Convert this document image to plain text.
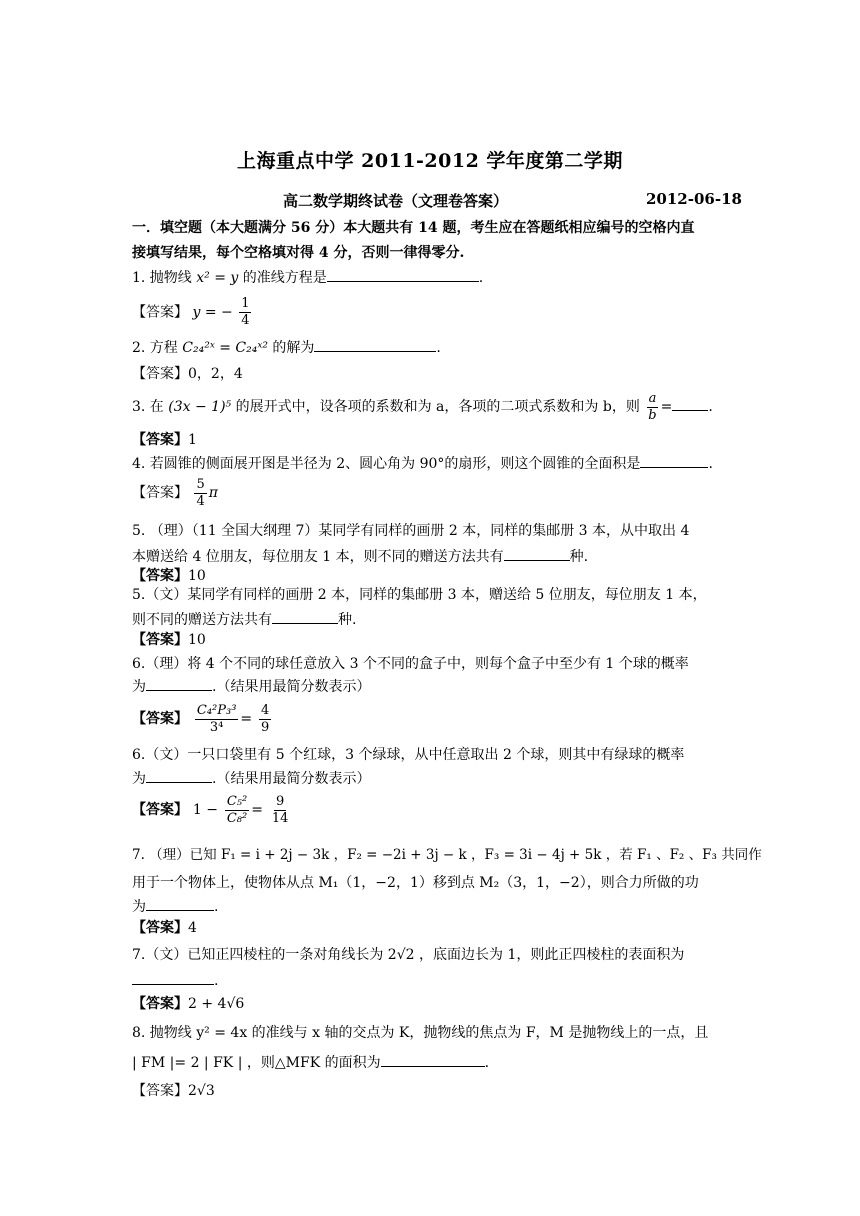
上海重点中学 2011-2012 学年度第二学期
高二数学期终试卷（文理卷答案）	2012-06-18
一．填空题（本大题满分 56 分）本大题共有 14 题，考生应在答题纸相应编号的空格内直
接填写结果，每个空格填对得 4 分，否则一律得零分.
1. 抛物线 x² = y 的准线方程是	.
【答案】 y = − $\frac{1}{4}$
2. 方程 C₂₄²ˣ = C₂₄ˣ² 的解为	.
【答案】0，2，4
3. 在 (3x − 1)⁵ 的展开式中，设各项的系数和为 a，各项的二项式系数和为 b，则 $\frac{a}{b}$ =	.
【答案】1
4. 若圆锥的侧面展开图是半径为 2、圆心角为 90°的扇形，则这个圆锥的全面积是	.
【答案】 $\frac{5}{4}$ π
5. （理）（11 全国大纲理 7）某同学有同样的画册 2 本，同样的集邮册 3 本，从中取出 4
本赠送给 4 位朋友，每位朋友 1 本，则不同的赠送方法共有	种.
【答案】10
5.（文）某同学有同样的画册 2 本，同样的集邮册 3 本，赠送给 5 位朋友，每位朋友 1 本，
则不同的赠送方法共有	种.
【答案】10
6.（理）将 4 个不同的球任意放入 3 个不同的盒子中，则每个盒子中至少有 1 个球的概率
为	.（结果用最简分数表示）
【答案】 $\frac{\text{C₄²P₃³}}{\text{3⁴}} = \frac{4}{9}$
6.（文）一只口袋里有 5 个红球，3 个绿球，从中任意取出 2 个球，则其中有绿球的概率
为	.（结果用最简分数表示）
【答案】 $1 - \frac{\text{C₅²}}{\text{C₈²}} = \frac{9}{14}$
7. （理）已知 F₁ = i + 2j − 3k ，F₂ = −2i + 3j − k ，F₃ = 3i − 4j + 5k ，若 F₁ 、F₂ 、F₃ 共同作
用于一个物体上，使物体从点 M₁（1，−2，1）移到点 M₂（3，1，−2），则合力所做的功
为	.
【答案】4
7.（文）已知正四棱柱的一条对角线长为 2√2 ，底面边长为 1，则此正四棱柱的表面积为
.
【答案】2 + 4√6
8. 抛物线 y² = 4x 的准线与 x 轴的交点为 K，抛物线的焦点为 F，M 是抛物线上的一点，且
| FM |= 2 | FK | ，则△MFK 的面积为	.
【答案】2√3
